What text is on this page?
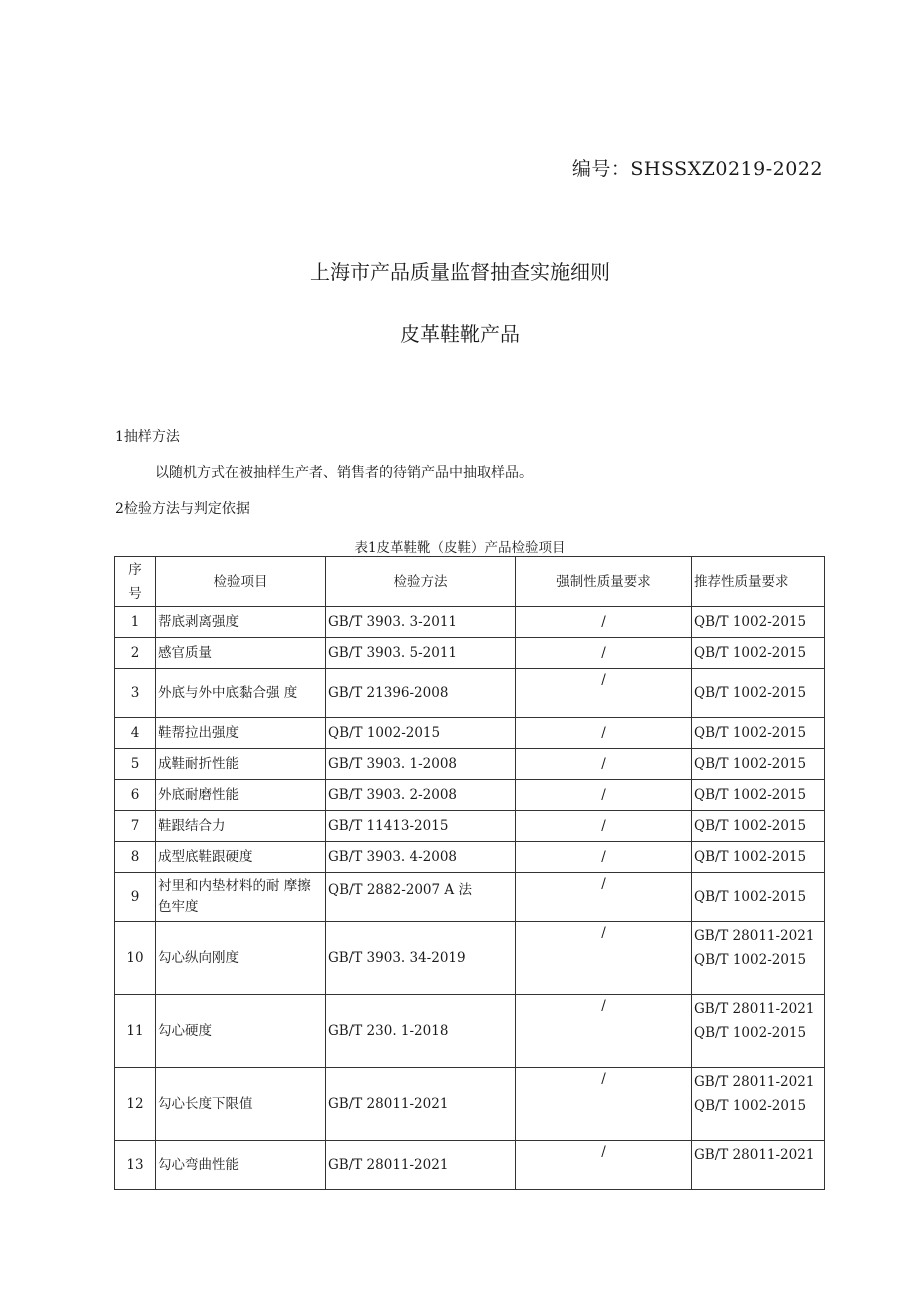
编号：SHSSXZ0219-2022
上海市产品质量监督抽查实施细则
皮革鞋靴产品
1抽样方法
以随机方式在被抽样生产者、销售者的待销产品中抽取样品。
2检验方法与判定依据
表1皮革鞋靴（皮鞋）产品检验项目
序号	检验项目	检验方法	强制性质量要求	推荐性质量要求
1	帮底剥离强度	GB/T 3903. 3-2011	/	QB/T 1002-2015
2	感官质量	GB/T 3903. 5-2011	/	QB/T 1002-2015
3	外底与外中底黏合强 度	GB/T 21396-2008	/	QB/T 1002-2015
4	鞋帮拉出强度	QB/T 1002-2015	/	QB/T 1002-2015
5	成鞋耐折性能	GB/T 3903. 1-2008	/	QB/T 1002-2015
6	外底耐磨性能	GB/T 3903. 2-2008	/	QB/T 1002-2015
7	鞋跟结合力	GB/T 11413-2015	/	QB/T 1002-2015
8	成型底鞋跟硬度	GB/T 3903. 4-2008	/	QB/T 1002-2015
9	衬里和内垫材料的耐 摩擦色牢度	QB/T 2882-2007 A 法	/	QB/T 1002-2015
10	勾心纵向刚度	GB/T 3903. 34-2019	/	GB/T 28011-2021
QB/T 1002-2015

11	勾心硬度	GB/T 230. 1-2018	/	GB/T 28011-2021
QB/T 1002-2015

12	勾心长度下限值	GB/T 28011-2021	/	GB/T 28011-2021
QB/T 1002-2015

13	勾心弯曲性能	GB/T 28011-2021	/	GB/T 28011-2021
